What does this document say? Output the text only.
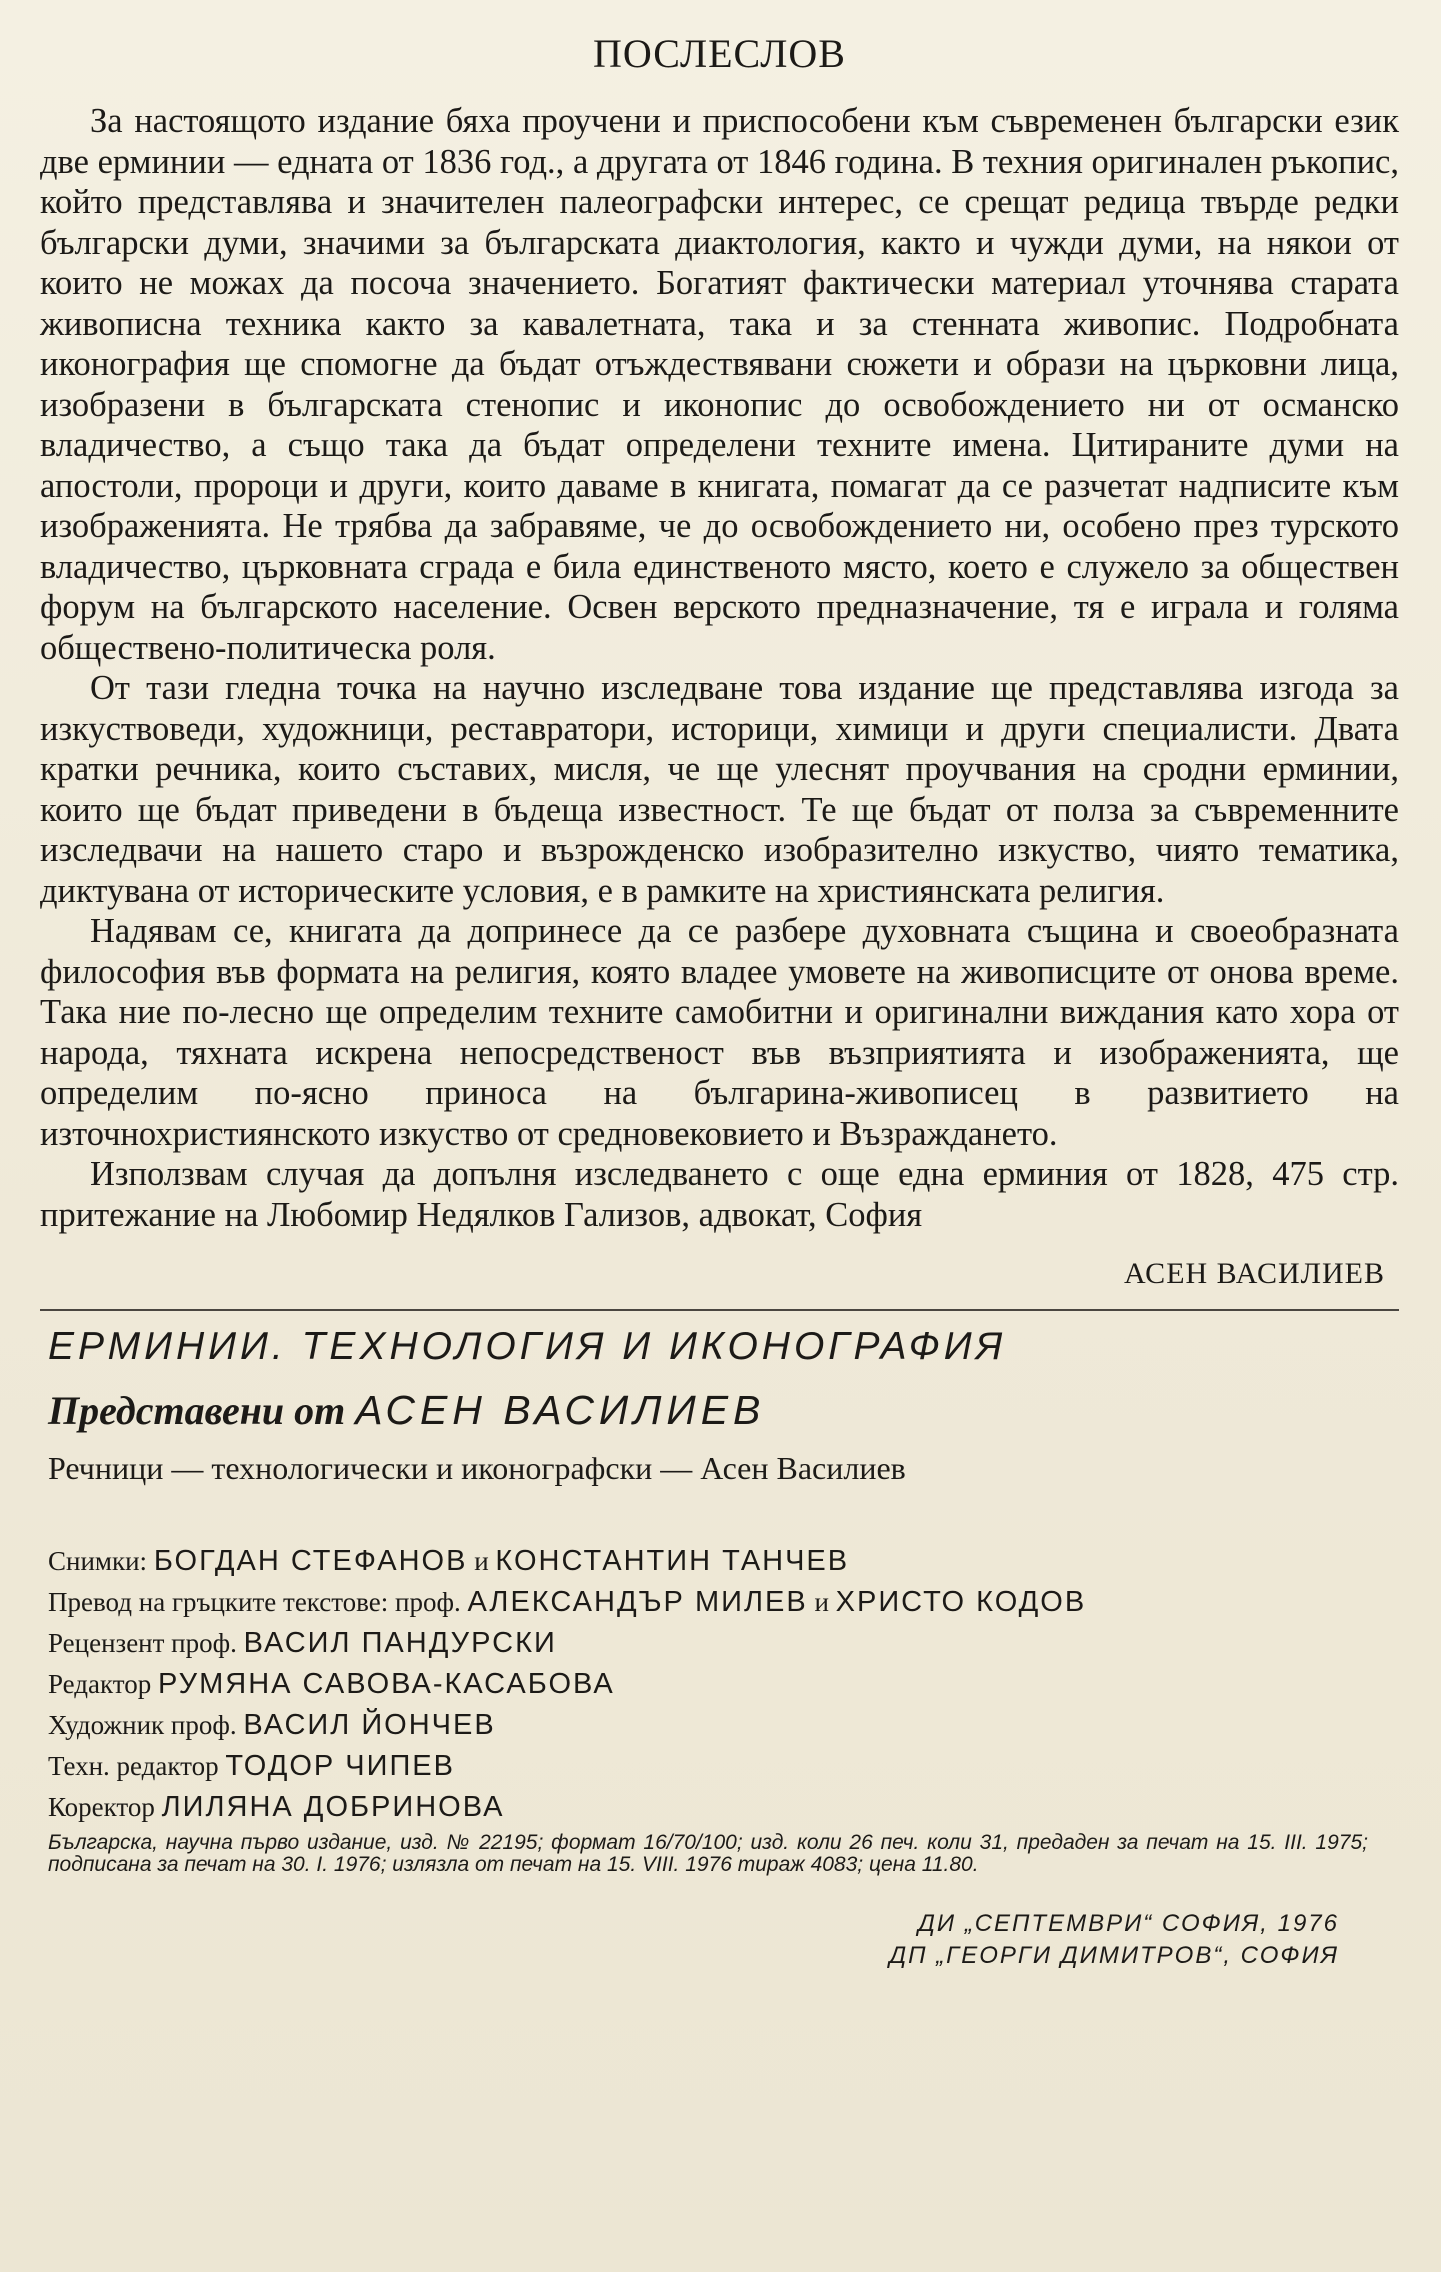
ПОСЛЕСЛОВ

За настоящото издание бяха проучени и приспособени към съвременен български език две ерминии — едната от 1836 год., а другата от 1846 година. В техния оригинален ръкопис, който представлява и значителен палеографски интерес, се срещат редица твърде редки български думи, значими за българската диактология, както и чужди думи, на някои от които не можах да посоча значението. Богатият фактически материал уточнява старата живописна техника както за кавалетната, така и за стенната живопис. Подробната иконография ще спомогне да бъдат отъждествявани сюжети и образи на църковни лица, изобразени в българската стенопис и иконопис до освобождението ни от османско владичество, а също така да бъдат определени техните имена. Цитираните думи на апостоли, пророци и други, които даваме в книгата, помагат да се разчетат надписите към изображенията. Не трябва да забравяме, че до освобождението ни, особено през турското владичество, църковната сграда е била единственото място, което е служело за обществен форум на българското население. Освен верското предназначение, тя е играла и голяма обществено-политическа роля.

От тази гледна точка на научно изследване това издание ще представлява изгода за изкуствоведи, художници, реставратори, историци, химици и други специалисти. Двата кратки речника, които съставих, мисля, че ще улеснят проучвания на сродни ерминии, които ще бъдат приведени в бъдеща известност. Те ще бъдат от полза за съвременните изследвачи на нашето старо и възрожденско изобразително изкуство, чиято тематика, диктувана от историческите условия, е в рамките на християнската религия.

Надявам се, книгата да допринесе да се разбере духовната същина и своеобразната философия във формата на религия, която владее умовете на живописците от онова време. Така ние по-лесно ще определим техните самобитни и оригинални виждания като хора от народа, тяхната искрена непосредственост във възприятията и изображенията, ще определим по-ясно приноса на българина-живописец в развитието на източнохристиянското изкуство от средновековието и Възраждането.

Използвам случая да допълня изследването с още една ерминия от 1828, 475 стр. притежание на Любомир Недялков Гализов, адвокат, София

АСЕН ВАСИЛИЕВ
ЕРМИНИИ. ТЕХНОЛОГИЯ И ИКОНОГРАФИЯ
Представени от АСЕН ВАСИЛИЕВ
Речници — технологически и иконографски — Асен Василиев
Снимки: БОГДАН СТЕФАНОВ и КОНСТАНТИН ТАНЧЕВ
Превод на гръцките текстове: проф. АЛЕКСАНДЪР МИЛЕВ и ХРИСТО КОДОВ
Рецензент проф. ВАСИЛ ПАНДУРСКИ
Редактор РУМЯНА САВОВА-КАСАБОВА
Художник проф. ВАСИЛ ЙОНЧЕВ
Техн. редактор ТОДОР ЧИПЕВ
Коректор ЛИЛЯНА ДОБРИНОВА
Българска, научна първо издание, изд. № 22195; формат 16/70/100; изд. коли 26 печ. коли 31, предаден за печат на 15. III. 1975; подписана за печат на 30. I. 1976; излязла от печат на 15. VIII. 1976 тираж 4083; цена 11.80.
ДИ „СЕПТЕМВРИ“ СОФИЯ, 1976
ДП „ГЕОРГИ ДИМИТРОВ“, СОФИЯ
